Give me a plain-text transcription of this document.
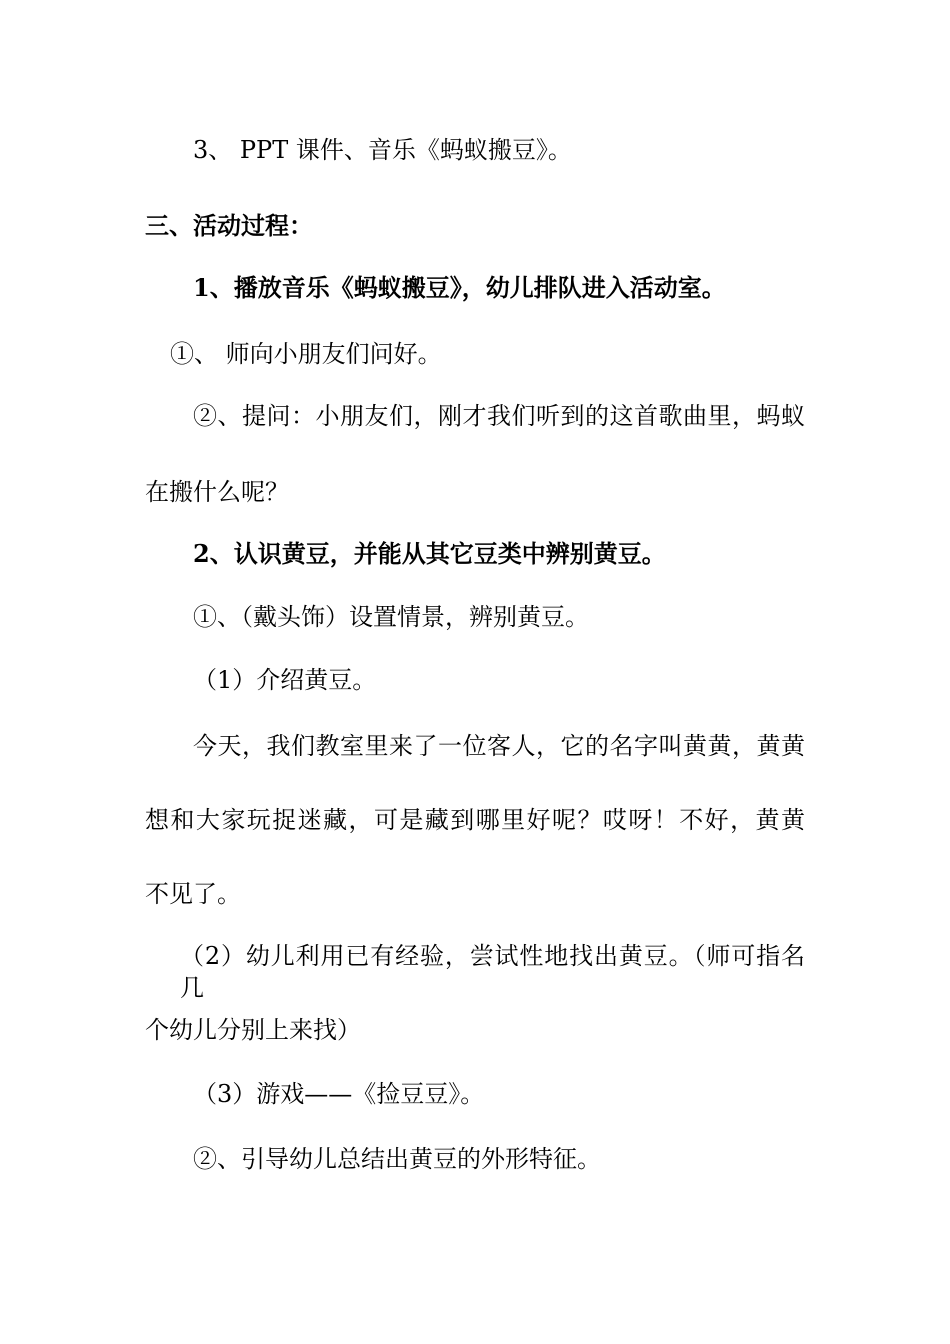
3、 PPT 课件、音乐《蚂蚁搬豆》。

三、活动过程：

1、播放音乐《蚂蚁搬豆》，幼儿排队进入活动室。

①、 师向小朋友们问好。

②、提问：小朋友们，刚才我们听到的这首歌曲里，蚂蚁

在搬什么呢？

2、认识黄豆，并能从其它豆类中辨别黄豆。

①、（戴头饰）设置情景，辨别黄豆。

（1）介绍黄豆。

今天，我们教室里来了一位客人，它的名字叫黄黄，黄黄

想和大家玩捉迷藏，可是藏到哪里好呢？哎呀！不好，黄黄

不见了。

（2）幼儿利用已有经验，尝试性地找出黄豆。（师可指名几

个幼儿分别上来找）

（3）游戏——《捡豆豆》。

②、引导幼儿总结出黄豆的外形特征。
